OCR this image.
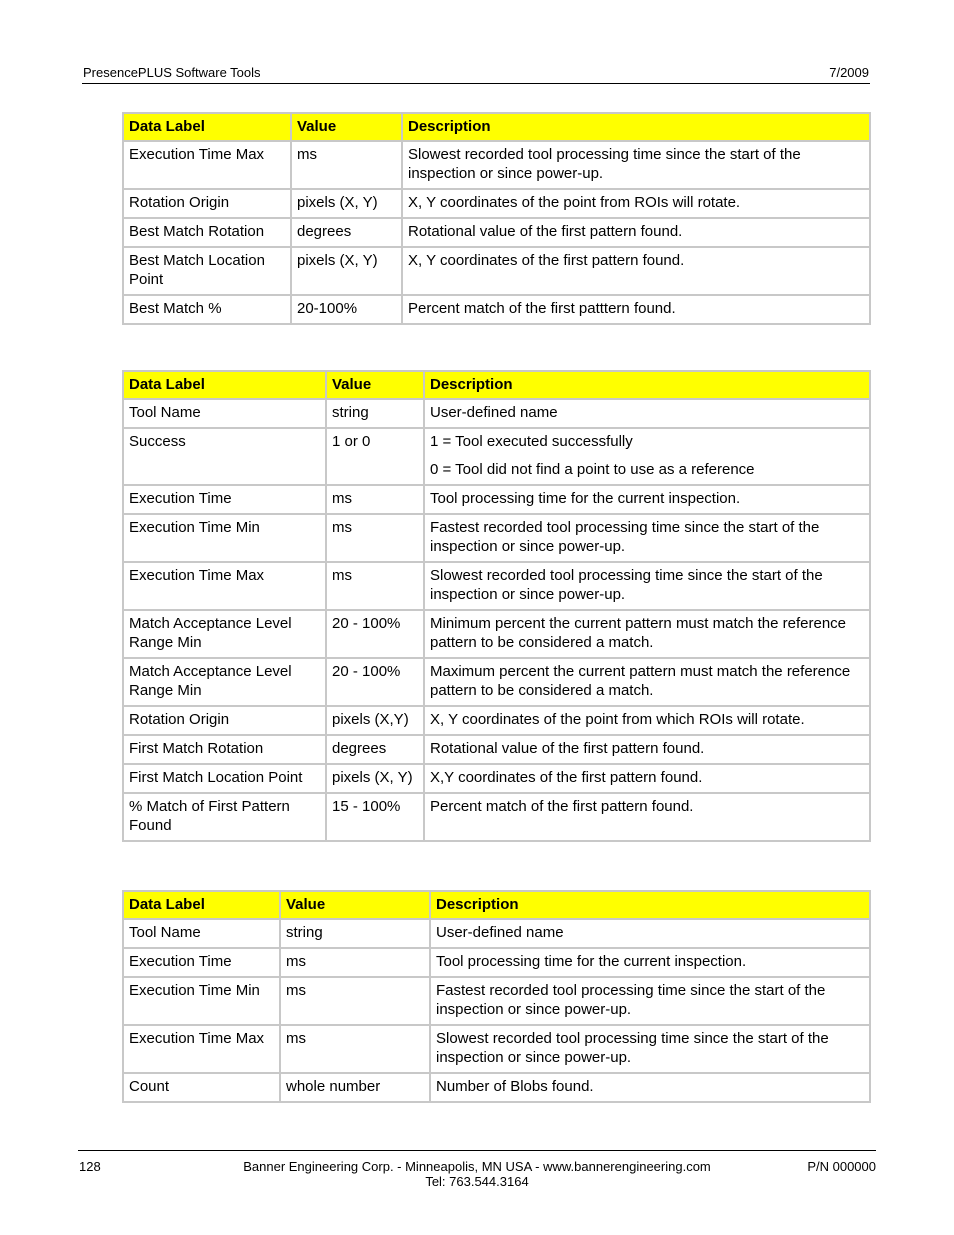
PresencePLUS Software Tools	7/2009
Data Label	Value	Description
Execution Time Max	ms	Slowest recorded tool processing time since the start of the inspection or since power-up.
Rotation Origin	pixels (X, Y)	X, Y coordinates of the point from ROIs will rotate.
Best Match Rotation	degrees	Rotational value of the first pattern found.
Best Match Location Point	pixels (X, Y)	X, Y coordinates of the first pattern found.
Best Match %	20-100%	Percent match of the first patttern found.
Data Label	Value	Description
Tool Name	string	User-defined name
Success	1 or 0	1 = Tool executed successfully

0 = Tool did not find a point to use as a reference

Execution Time	ms	Tool processing time for the current inspection.
Execution Time Min	ms	Fastest recorded tool processing time since the start of the inspection or since power-up.
Execution Time Max	ms	Slowest recorded tool processing time since the start of the inspection or since power-up.
Match Acceptance Level Range Min	20 - 100%	Minimum percent the current pattern must match the reference pattern to be considered a match.
Match Acceptance Level Range Min	20 - 100%	Maximum percent the current pattern must match the reference pattern to be considered a match.
Rotation Origin	pixels (X,Y)	X, Y coordinates of the point from which ROIs will rotate.
First Match Rotation	degrees	Rotational value of the first pattern found.
First Match Location Point	pixels (X, Y)	X,Y coordinates of the first pattern found.
% Match of First Pattern Found	15 - 100%	Percent match of the first pattern found.
Data Label	Value	Description
Tool Name	string	User-defined name
Execution Time	ms	Tool processing time for the current inspection.
Execution Time Min	ms	Fastest recorded tool processing time since the start of the inspection or since power-up.
Execution Time Max	ms	Slowest recorded tool processing time since the start of the inspection or since power-up.
Count	whole number	Number of Blobs found.
128	Banner Engineering Corp. - Minneapolis, MN USA - www.bannerengineering.com
Tel: 763.544.3164
P/N 000000
